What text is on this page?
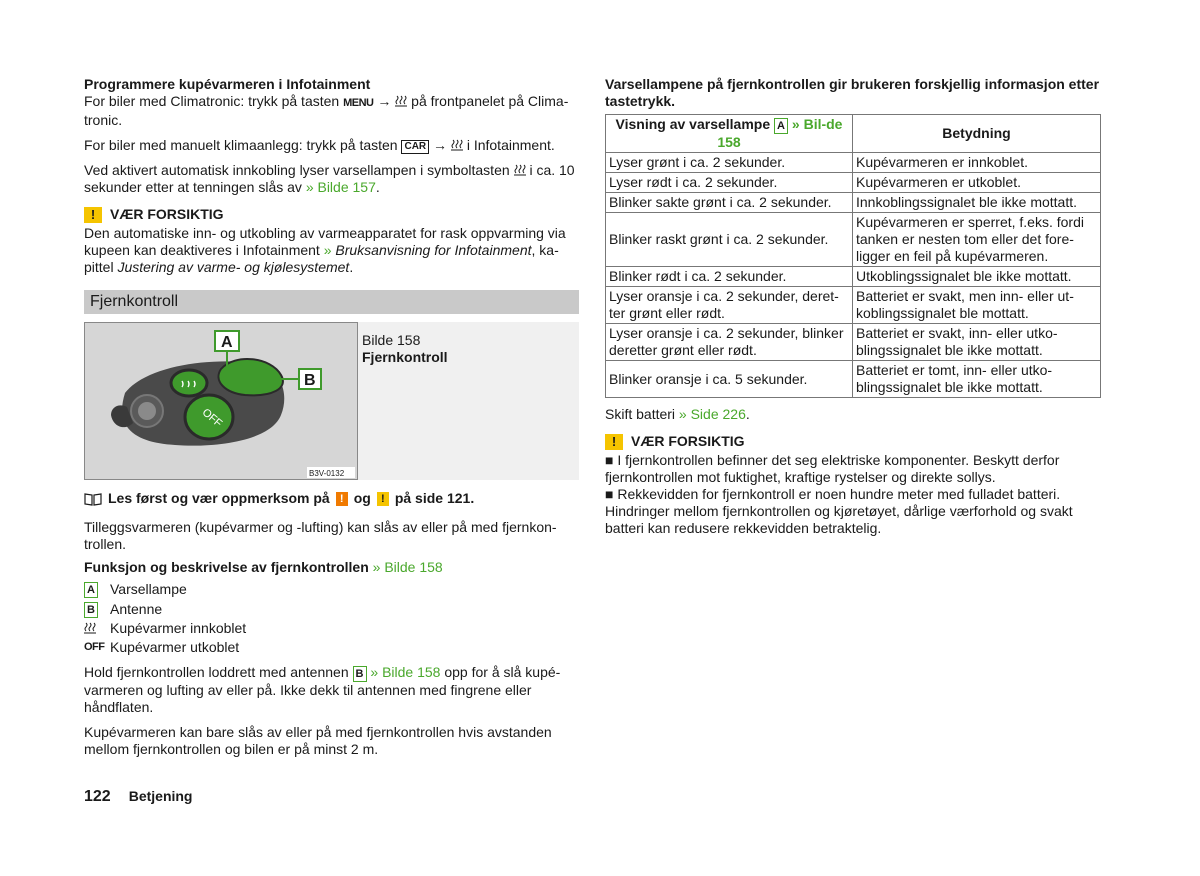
Programmere kupévarmeren i Infotainment

For biler med Climatronic: trykk på tasten MENU →  på frontpanelet på Clima-tronic.

For biler med manuelt klimaanlegg: trykk på tasten CAR →  i Infotainment.

Ved aktivert automatisk innkobling lyser varsellampen i symboltasten i ca. 10 sekunder etter at tenningen slås av » Bilde 157.

!	VÆR FORSIKTIG

Den automatiske inn- og utkobling av varmeapparatet for rask oppvarming via kupeen kan deaktiveres i Infotainment » Bruksanvisning for Infotainment, ka-pittel Justering av varme- og kjølesystemet.

Fjernkontroll
OFF
A
B
B3V-0132
Bilde 158
Fjernkontroll
Les først og vær oppmerksom på ! og ! på side 121.

Tilleggsvarmeren (kupévarmer og -lufting) kan slås av eller på med fjernkon-trollen.

Funksjon og beskrivelse av fjernkontrollen » Bilde 158

A	Varsellampe
B	Antenne
Kupévarmer innkoblet
OFF Kupévarmer utkoblet

Hold fjernkontrollen loddrett med antennen B » Bilde 158 opp for å slå kupé-varmeren og lufting av eller på. Ikke dekk til antennen med fingrene eller håndflaten.

Kupévarmeren kan bare slås av eller på med fjernkontrollen hvis avstanden mellom fjernkontrollen og bilen er på minst 2 m.

Varsellampene på fjernkontrollen gir brukeren forskjellig informasjon etter tastetrykk.

Visning av varsellampe A » Bil-de 158	Betydning
Lyser grønt i ca. 2 sekunder.	Kupévarmeren er innkoblet.
Lyser rødt i ca. 2 sekunder.	Kupévarmeren er utkoblet.
Blinker sakte grønt i ca. 2 sekunder.	Innkoblingssignalet ble ikke mottatt.
Blinker raskt grønt i ca. 2 sekunder.	Kupévarmeren er sperret, f.eks. fordi tanken er nesten tom eller det fore-ligger en feil på kupévarmeren.
Blinker rødt i ca. 2 sekunder.	Utkoblingssignalet ble ikke mottatt.
Lyser oransje i ca. 2 sekunder, deret-ter grønt eller rødt.	Batteriet er svakt, men inn- eller ut-koblingssignalet ble mottatt.
Lyser oransje i ca. 2 sekunder, blinker deretter grønt eller rødt.	Batteriet er svakt, inn- eller utko-blingssignalet ble ikke mottatt.
Blinker oransje i ca. 5 sekunder.	Batteriet er tomt, inn- eller utko-blingssignalet ble ikke mottatt.

Skift batteri » Side 226.

!	VÆR FORSIKTIG
■ I fjernkontrollen befinner det seg elektriske komponenter. Beskytt derfor fjernkontrollen mot fuktighet, kraftige rystelser og direkte sollys.
■ Rekkevidden for fjernkontroll er noen hundre meter med fulladet batteri. Hindringer mellom fjernkontrollen og kjøretøyet, dårlige værforhold og svakt batteri kan redusere rekkevidden betraktelig.
122 Betjening
